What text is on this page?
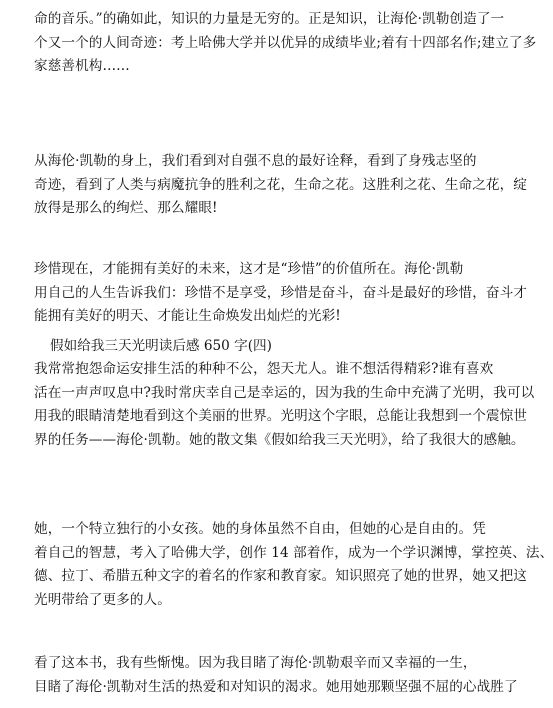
命的音乐。”的确如此，知识的力量是无穷的。正是知识，让海伦·凯勒创造了一
个又一个的人间奇迹：考上哈佛大学并以优异的成绩毕业;着有十四部名作;建立了多
家慈善机构……
从海伦·凯勒的身上，我们看到对自强不息的最好诠释，看到了身残志坚的
奇迹，看到了人类与病魔抗争的胜利之花，生命之花。这胜利之花、生命之花，绽
放得是那么的绚烂、那么耀眼!
珍惜现在，才能拥有美好的未来，这才是“珍惜”的价值所在。海伦·凯勒
用自己的人生告诉我们：珍惜不是享受，珍惜是奋斗，奋斗是最好的珍惜，奋斗才
能拥有美好的明天、才能让生命焕发出灿烂的光彩!
假如给我三天光明读后感 650 字(四)
我常常抱怨命运安排生活的种种不公，怨天尤人。谁不想活得精彩?谁有喜欢
活在一声声叹息中?我时常庆幸自己是幸运的，因为我的生命中充满了光明，我可以
用我的眼睛清楚地看到这个美丽的世界。光明这个字眼，总能让我想到一个震惊世
界的任务——海伦·凯勒。她的散文集《假如给我三天光明》，给了我很大的感触。
她，一个特立独行的小女孩。她的身体虽然不自由，但她的心是自由的。凭
着自己的智慧，考入了哈佛大学，创作 14 部着作，成为一个学识渊博，掌控英、法、
德、拉丁、希腊五种文字的着名的作家和教育家。知识照亮了她的世界，她又把这
光明带给了更多的人。
看了这本书，我有些惭愧。因为我目睹了海伦·凯勒艰辛而又幸福的一生，
目睹了海伦·凯勒对生活的热爱和对知识的渴求。她用她那颗坚强不屈的心战胜了
